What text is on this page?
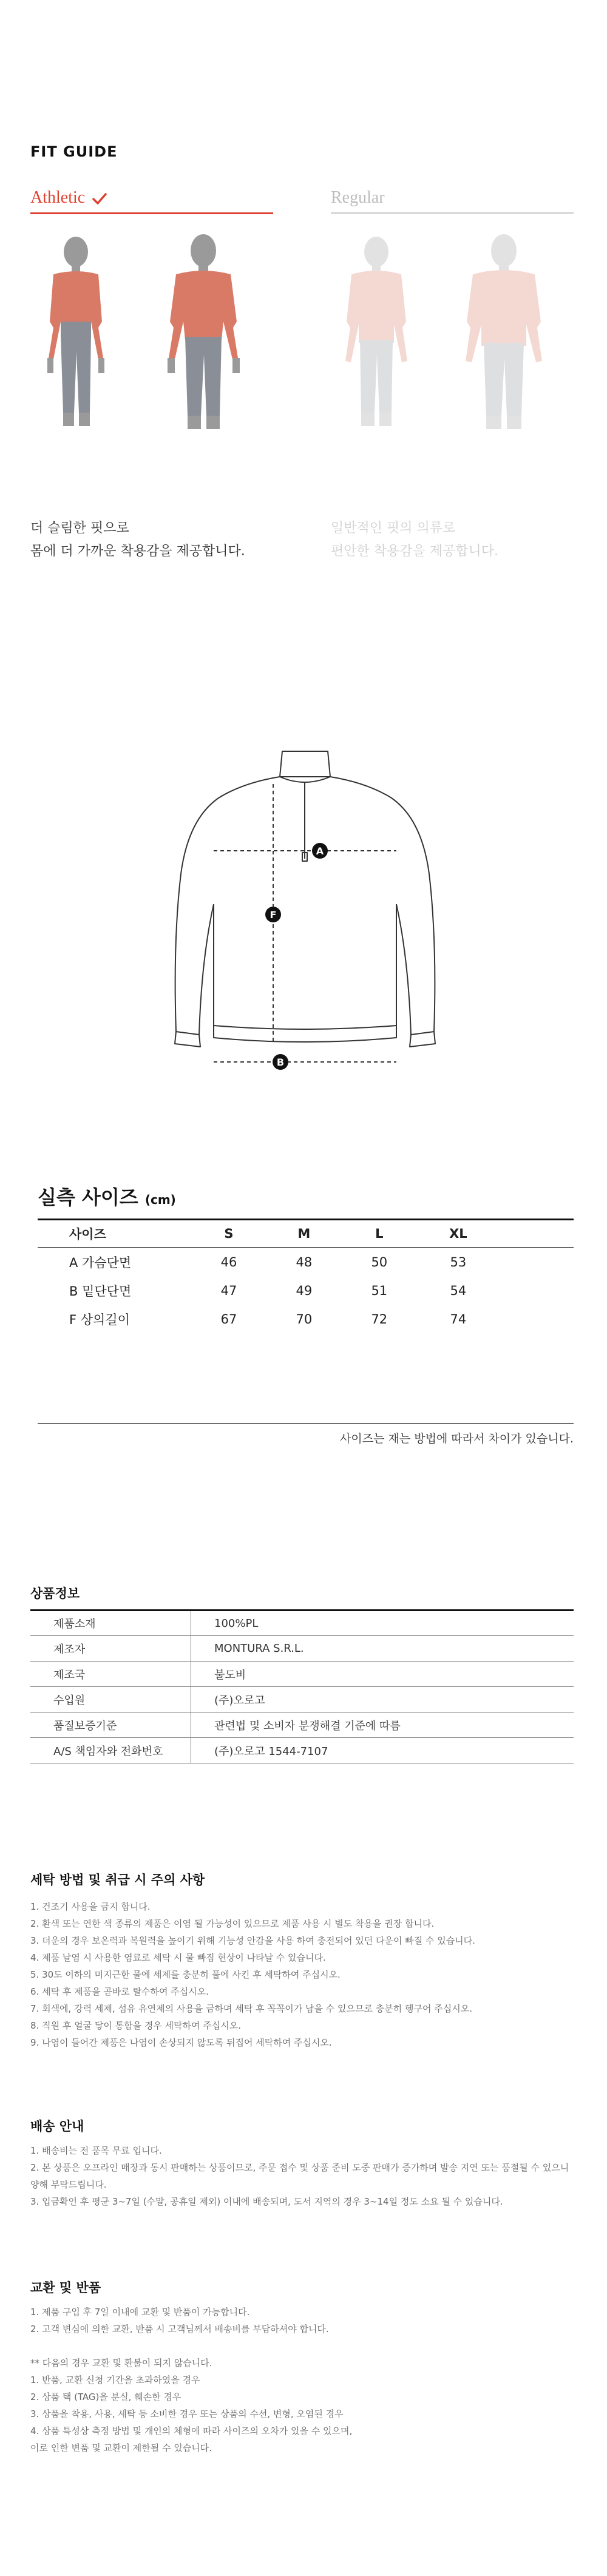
FIT GUIDE
Athletic	Regular
더 슬림한 핏으로
몸에 더 가까운 착용감을 제공합니다.
일반적인 핏의 의류로
편안한 착용감을 제공합니다.
A
F
B
실측 사이즈 (cm)
사이즈	S	M	L	XL	
A 가슴단면	46	48	50	53	
B 밑단단면	47	49	51	54	
F 상의길이	67	70	72	74	
사이즈는 재는 방법에 따라서 차이가 있습니다.
상품정보
제품소재	100%PL
제조자	MONTURA S.R.L.
제조국	불도비
수입원	(주)오로고
품질보증기준	관련법 및 소비자 분쟁해결 기준에 따름
A/S 책임자와 전화번호	(주)오로고 1544-7107
세탁 방법 및 취급 시 주의 사항
1. 건조기 사용을 금지 합니다.
2. 환색 또는 연한 색 종류의 제품은 이염 될 가능성이 있으므로 제품 사용 시 별도 착용을 권장 합니다.
3. 더운의 경우 보온력과 복원력을 높이기 위해 기능성 안감을 사용 하여 충전되어 있던 다운이 빠질 수 있습니다.
4. 제품 날염 시 사용한 염료로 세탁 시 물 빠짐 현상이 나타날 수 있습니다.
5. 30도 이하의 미지근한 물에 세제를 충분히 풀에 사킨 후 세탁하여 주십시오.
6. 세탁 후 제품을 곧바로 탈수하여 주십시오.
7. 회색에, 강력 세제, 섬유 유연제의 사용을 금하며 세탁 후 꼭꼭이가 남을 수 있으므로 충분히 헹구어 주십시오.
8. 직원 후 얼굴 닿이 통함을 경우 세탁하여 주십시오.
9. 나염이 들어간 제품은 나염이 손상되지 않도록 뒤집어 세탁하여 주십시오.
배송 안내
1. 배송비는 전 품목 무료 입니다.
2. 본 상품은 오프라인 매장과 동시 판매하는 상품이므로, 주문 접수 및 상품 준비 도중 판매가 증가하며 발송 지연 또는 품절될 수 있으니
양해 부탁드립니다.
3. 입금확인 후 평균 3~7일 (수말, 공휴일 제외) 이내에 배송되며, 도서 지역의 경우 3~14일 정도 소요 될 수 있습니다.
교환 및 반품
1. 제품 구입 후 7일 이내에 교환 및 반품이 가능합니다.
2. 고객 변심에 의한 교환, 반품 시 고객님께서 배송비를 부담하셔야 합니다.
** 다음의 경우 교환 및 환불이 되지 않습니다.
1. 반품, 교환 신청 기간을 초과하였을 경우
2. 상품 택 (TAG)을 분실, 훼손한 경우
3. 상품을 착용, 사용, 세탁 등 소비한 경우 또는 상품의 수선, 변형, 오염된 경우
4. 상품 특성상 측정 방법 및 개인의 체형에 따라 사이즈의 오차가 있을 수 있으며,
이로 인한 변품 및 교환이 제한될 수 있습니다.
